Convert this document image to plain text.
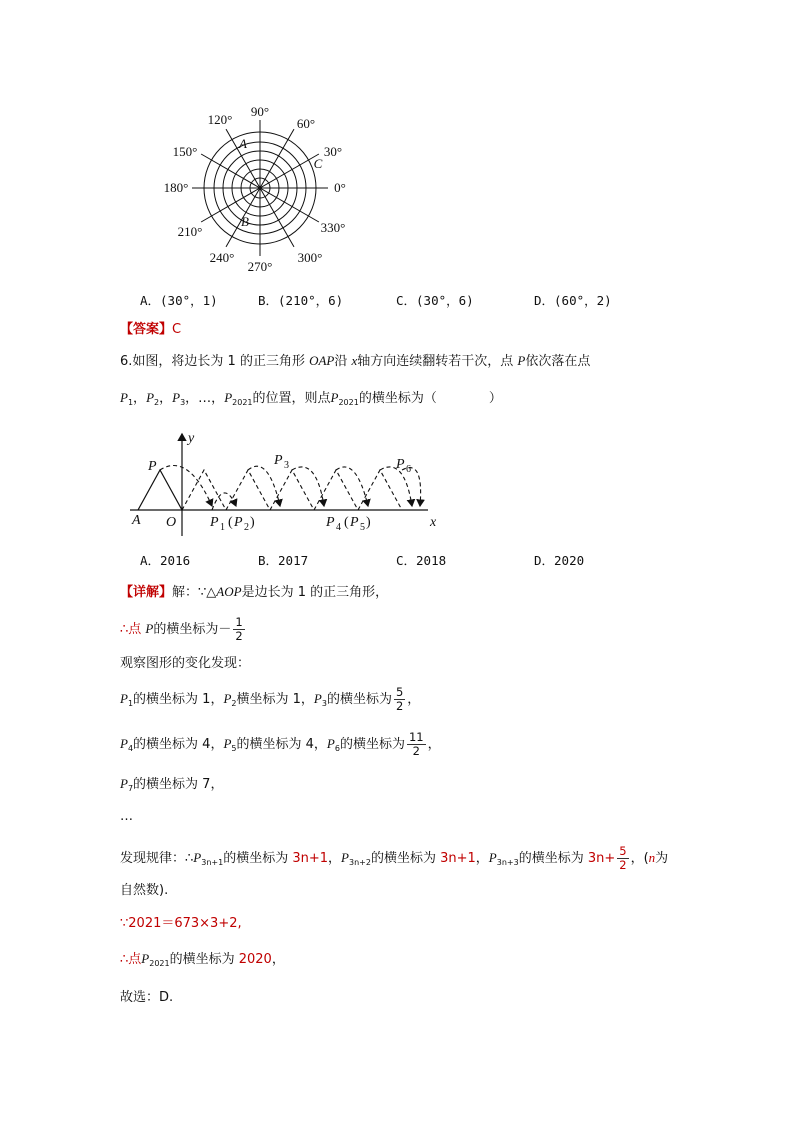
90°
60°
30°
0°
330°
300°
270°
240°
210°
180°
150°
120°
A
C
B
A．(30°，1)	B．(210°，6)	C．(30°，6)	D．(60°，2)
【答案】C
6.如图，将边长为 1 的正三角形 OAP沿 x轴方向连续翻转若干次，点 P依次落在点
$P_1$，$P_2$，$P_3$，…，$P_{2021}$的位置，则点$P_{2021}$的横坐标为（　　　　）
y
x
P
A O P 1 ( P 2 )
P 3
P 4 ( P 5 )
P 6
A．2016	B．2017	C．2018	D．2020
【详解】解：∵△AOP是边长为 1 的正三角形，
∴点 P的横坐标为－ $\frac{1}{2}$
观察图形的变化发现：
$P_1$的横坐标为 1，$P_2$横坐标为 1，$P_3$的横坐标为 $\frac{5}{2}$ ，
$P_4$的横坐标为 4，$P_5$的横坐标为 4，$P_6$的横坐标为 $\frac{11}{2}$ ，
$P_7$的横坐标为 7，
…
发现规律：$\therefore P_{3n+1}$的横坐标为 3n+1，$P_{3n+2}$的横坐标为 3n+1，$P_{3n+3}$的横坐标为 $3n+ \frac{5}{2}$ ，(n为
自然数).
∵2021＝673×3+2,
∴点$P_{2021}$的横坐标为 2020，
故选：D.
